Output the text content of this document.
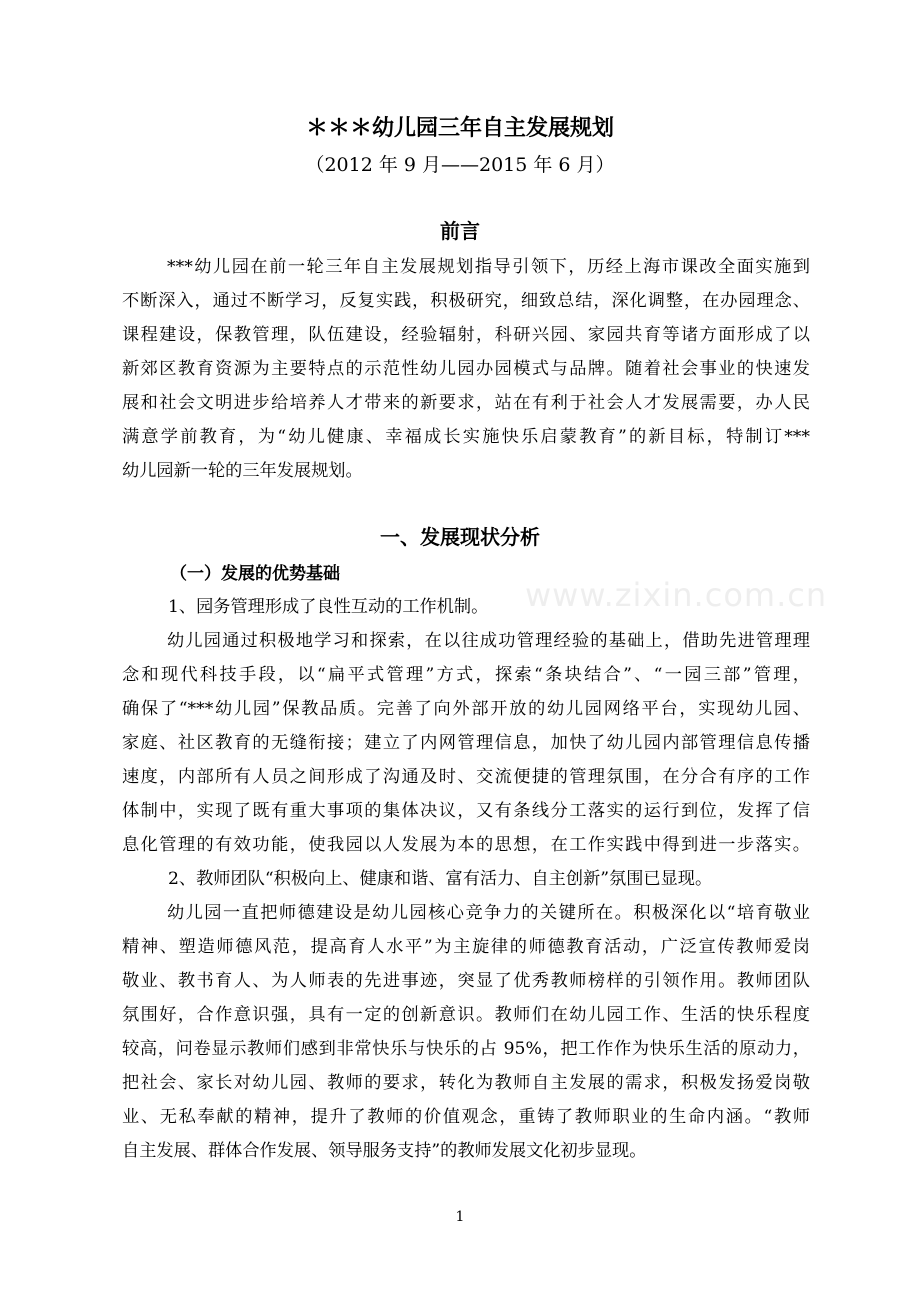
www.zixin.com.cn
＊＊＊幼儿园三年自主发展规划
（2012 年 9 月——2015 年 6 月）
前言
***幼儿园在前一轮三年自主发展规划指导引领下，历经上海市课改全面实施到
不断深入，通过不断学习，反复实践，积极研究，细致总结，深化调整，在办园理念、
课程建设，保教管理，队伍建设，经验辐射，科研兴园、家园共育等诸方面形成了以
新郊区教育资源为主要特点的示范性幼儿园办园模式与品牌。随着社会事业的快速发
展和社会文明进步给培养人才带来的新要求，站在有利于社会人才发展需要，办人民
满意学前教育，为“幼儿健康、幸福成长实施快乐启蒙教育”的新目标，特制订***
幼儿园新一轮的三年发展规划。
一、发展现状分析
（一）发展的优势基础
1、园务管理形成了良性互动的工作机制。
幼儿园通过积极地学习和探索，在以往成功管理经验的基础上，借助先进管理理
念和现代科技手段，以“扁平式管理”方式，探索“条块结合”、“一园三部”管理，
确保了“***幼儿园”保教品质。完善了向外部开放的幼儿园网络平台，实现幼儿园、
家庭、社区教育的无缝衔接；建立了内网管理信息，加快了幼儿园内部管理信息传播
速度，内部所有人员之间形成了沟通及时、交流便捷的管理氛围，在分合有序的工作
体制中，实现了既有重大事项的集体决议，又有条线分工落实的运行到位，发挥了信
息化管理的有效功能，使我园以人发展为本的思想，在工作实践中得到进一步落实。
2、教师团队“积极向上、健康和谐、富有活力、自主创新”氛围已显现。
幼儿园一直把师德建设是幼儿园核心竞争力的关键所在。积极深化以“培育敬业
精神、塑造师德风范，提高育人水平”为主旋律的师德教育活动，广泛宣传教师爱岗
敬业、教书育人、为人师表的先进事迹，突显了优秀教师榜样的引领作用。教师团队
氛围好，合作意识强，具有一定的创新意识。教师们在幼儿园工作、生活的快乐程度
较高，问卷显示教师们感到非常快乐与快乐的占 95%，把工作作为快乐生活的原动力，
把社会、家长对幼儿园、教师的要求，转化为教师自主发展的需求，积极发扬爱岗敬
业、无私奉献的精神，提升了教师的价值观念，重铸了教师职业的生命内涵。“教师
自主发展、群体合作发展、领导服务支持”的教师发展文化初步显现。
1
